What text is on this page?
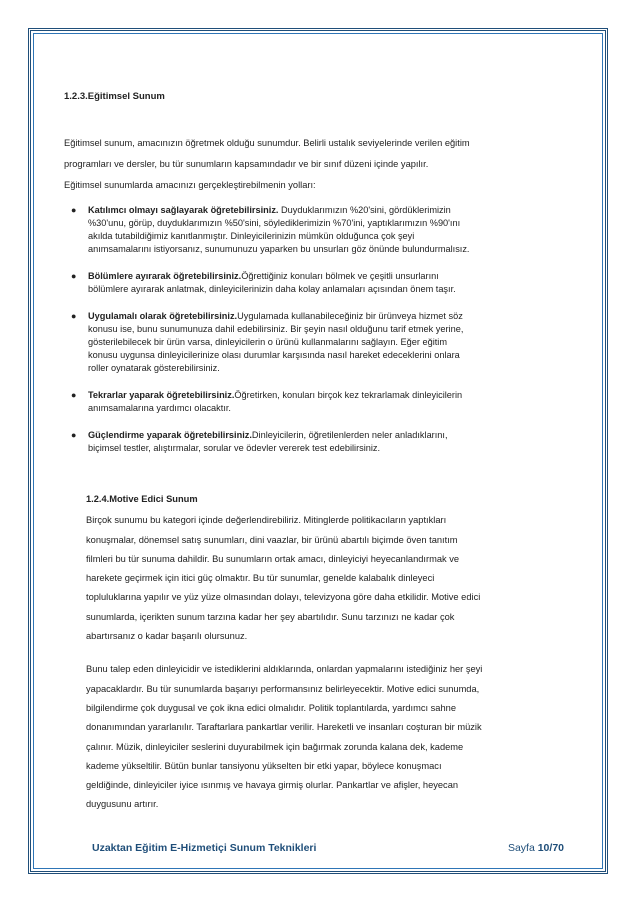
1.2.3.Eğitimsel Sunum

Eğitimsel sunum, amacınızın öğretmek olduğu sunumdur. Belirli ustalık seviyelerinde verilen eğitim

programları ve dersler, bu tür sunumların kapsamındadır ve bir sınıf düzeni içinde yapılır.

Eğitimsel sunumlarda amacınızı gerçekleştirebilmenin yolları:

● Katılımcı olmayı sağlayarak öğretebilirsiniz. Duyduklarımızın %20'sini, gördüklerimizin
%30'unu, görüp, duyduklarımızın %50'sini, söylediklerimizin %70'ini, yaptıklarımızın %90'ını
akılda tutabildiğimiz kanıtlanmıştır. Dinleyicilerinizin mümkün olduğunca çok şeyi
anımsamalarını istiyorsanız, sunumunuzu yaparken bu unsurları göz önünde bulundurmalısız.
● Bölümlere ayırarak öğretebilirsiniz.Öğrettiğiniz konuları bölmek ve çeşitli unsurlarını
bölümlere ayırarak anlatmak, dinleyicilerinizin daha kolay anlamaları açısından önem taşır.
● Uygulamalı olarak öğretebilirsiniz.Uygulamada kullanabileceğiniz bir ürünveya hizmet söz
konusu ise, bunu sunumunuza dahil edebilirsiniz. Bir şeyin nasıl olduğunu tarif etmek yerine,
gösterilebilecek bir ürün varsa, dinleyicilerin o ürünü kullanmalarını sağlayın. Eğer eğitim
konusu uygunsa dinleyicilerinize olası durumlar karşısında nasıl hareket edeceklerini onlara
roller oynatarak gösterebilirsiniz.
● Tekrarlar yaparak öğretebilirsiniz.Öğretirken, konuları birçok kez tekrarlamak dinleyicilerin
anımsamalarına yardımcı olacaktır.
● Güçlendirme yaparak öğretebilirsiniz.Dinleyicilerin, öğretilenlerden neler anladıklarını,
biçimsel testler, alıştırmalar, sorular ve ödevler vererek test edebilirsiniz.

1.2.4.Motive Edici Sunum

Birçok sunumu bu kategori içinde değerlendirebiliriz. Mitinglerde politikacıların yaptıkları

konuşmalar, dönemsel satış sunumları, dini vaazlar, bir ürünü abartılı biçimde öven tanıtım

filmleri bu tür sunuma dahildir. Bu sunumların ortak amacı, dinleyiciyi heyecanlandırmak ve

harekete geçirmek için itici güç olmaktır. Bu tür sunumlar, genelde kalabalık dinleyeci

topluluklarına yapılır ve yüz yüze olmasından dolayı, televizyona göre daha etkilidir. Motive edici

sunumlarda, içerikten sunum tarzına kadar her şey abartılıdır. Sunu tarzınızı ne kadar çok

abartırsanız o kadar başarılı olursunuz.

Bunu talep eden dinleyicidir ve istediklerini aldıklarında, onlardan yapmalarını istediğiniz her şeyi

yapacaklardır. Bu tür sunumlarda başarıyı performansınız belirleyecektir. Motive edici sunumda,

bilgilendirme çok duygusal ve çok ikna edici olmalıdır. Politik toplantılarda, yardımcı sahne

donanımından yararlanılır. Taraftarlara pankartlar verilir. Hareketli ve insanları coşturan bir müzik

çalınır. Müzik, dinleyiciler seslerini duyurabilmek için bağırmak zorunda kalana dek, kademe

kademe yükseltilir. Bütün bunlar tansiyonu yükselten bir etki yapar, böylece konuşmacı

geldiğinde, dinleyiciler iyice ısınmış ve havaya girmiş olurlar. Pankartlar ve afişler, heyecan

duygusunu artırır.

Uzaktan Eğitim E-Hizmetiçi Sunum Teknikleri	Sayfa 10/70
